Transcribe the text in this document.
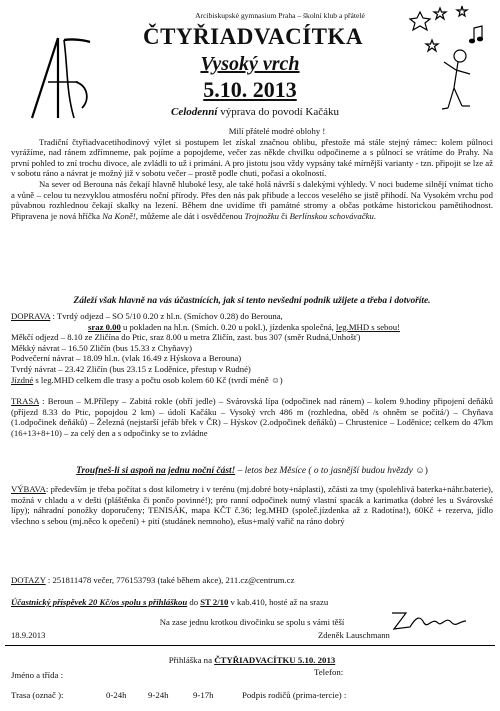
Arcibiskupské gymnasium Praha – školní klub a přátelé
ČTYŘIADVACÍTKA
Vysoký vrch
5.10. 2013
Celodenní výprava do povodí Kačáku
Milí přátelé modré oblohy !
Tradiční čtyřiadvacetihodinový výlet si postupem let získal značnou oblibu, přestože má stále stejný rámec: kolem půlnoci vyrážíme, nad ránem zdřímneme, pak pojíme a popojdeme, večer zas někde chvilku odpočineme a s půlnocí se vrátíme do Prahy. Na první pohled to zní trochu divoce, ale zvládli to už i primáni. A pro jistotu jsou vždy vypsány také mírnější varianty - tzn. připojit se lze až v sobotu ráno a návrat je možný již v sobotu večer – prostě podle chuti, počasí a okolností.
Na sever od Berouna nás čekají hlavně hluboké lesy, ale také holá návrší s dalekými výhledy. V noci budeme silnějí vnímat ticho a vůně – celou tu nezvyklou atmosféru noční přírody. Přes den nás pak přibude a leccos veselého se jistě přihodí. Na Vysokém vrchu pod půvabnou rozhlednou čekají skalky na lezení. Během dne uvidíme tři památné stromy a občas potkáme historickou pamětihodnost. Připravena je nová hříčka Na Koně!, můžeme ale dát i osvědčenou Trojnožku či Berlínskou schovávačku.
Záleží však hlavně na vás účastnících, jak si tento nevšední podnik užijete a třeba i dotvoříte.
DOPRAVA : Tvrdý odjezd – SO 5/10 0.20 z hl.n. (Smíchov 0.28) do Berouna,
sraz 0.00 u pokladen na hl.n. (Smích. 0.20 u pokl.), jízdenka společná, leg.MHD s sebou!
Měkčí odjezd – 8.10 ze Zličína do Ptic, sraz 8.00 u metra Zličín, zast. bus 307 (směr Rudná,Unhošť)
Měkký návrat – 16.50 Zličín (bus 15.33 z Chyňavy)
Podvečerní návrat – 18.09 hl.n. (vlak 16.49 z Hýskova a Berouna)
Tvrdý návrat – 23.42 Zličín (bus 23.15 z Loděnice, přestup v Rudné)
Jízdné s leg.MHD celkem dle trasy a počtu osob kolem 60 Kč (tvrdí méně ☺)
TRASA : Beroun – M.Přílepy – Zabitá rokle (obří jedle) – Svárovská lípa (odpočinek nad ránem) – kolem 9.hodiny připojení deňáků (příjezd 8.33 do Ptic, popojdou 2 km) – údolí Kačáku – Vysoký vrch 486 m (rozhledna, oběd /s ohněm se počítá/) – Chyňava (1.odpočinek deňáků) – Železná (nejstarší jeřáb břek v ČR) – Hýskov (2.odpočinek deňáků) – Chrustenice – Loděnice; celkem do 47km (16+13+8+10) – za celý den a s odpočinky se to zvládne
Troufneš-li si aspoň na jednu noční část! – letos bez Měsíce ( o to jasnější budou hvězdy ☺)
VÝBAVA: především je třeba počítat s dost kilometry i v terénu (mj.dobré boty+náplasti), zčásti za tmy (spolehlivá baterka+náhr.baterie), možná v chladu a v dešti (pláštěnka či pončo povinné!); pro ranní odpočinek nutný vlastní spacák a karimatka (dobré les u Svárovské lípy); náhradní ponožky doporučeny; TENISÁK, mapa KČT č.36; leg.MHD (společ.jízdenka až z Radotína!), 60Kč + rezerva, jídlo všechno s sebou (mj.něco k opečení) + pití (studánek nemnoho), ešus+malý vařič na ráno dobrý
DOTAZY : 251811478 večer, 776153793 (také během akce), 211.cz@centrum.cz
Účastnický příspěvek 20 Kč/os spolu s přihláškou do ST 2/10 v kab.410, hosté až na srazu
Na zase jednu krotkou divočinku se spolu s vámi těší
18.9.2013	Zdeněk Lauschmann
Přihláška na ČTYŘIADVACÍTKU 5.10. 2013
Jméno a třída :	Telefon:
Trasa (označ ):	0-24h 9-24h	9-17h	Podpis rodičů (prima-tercie) :
